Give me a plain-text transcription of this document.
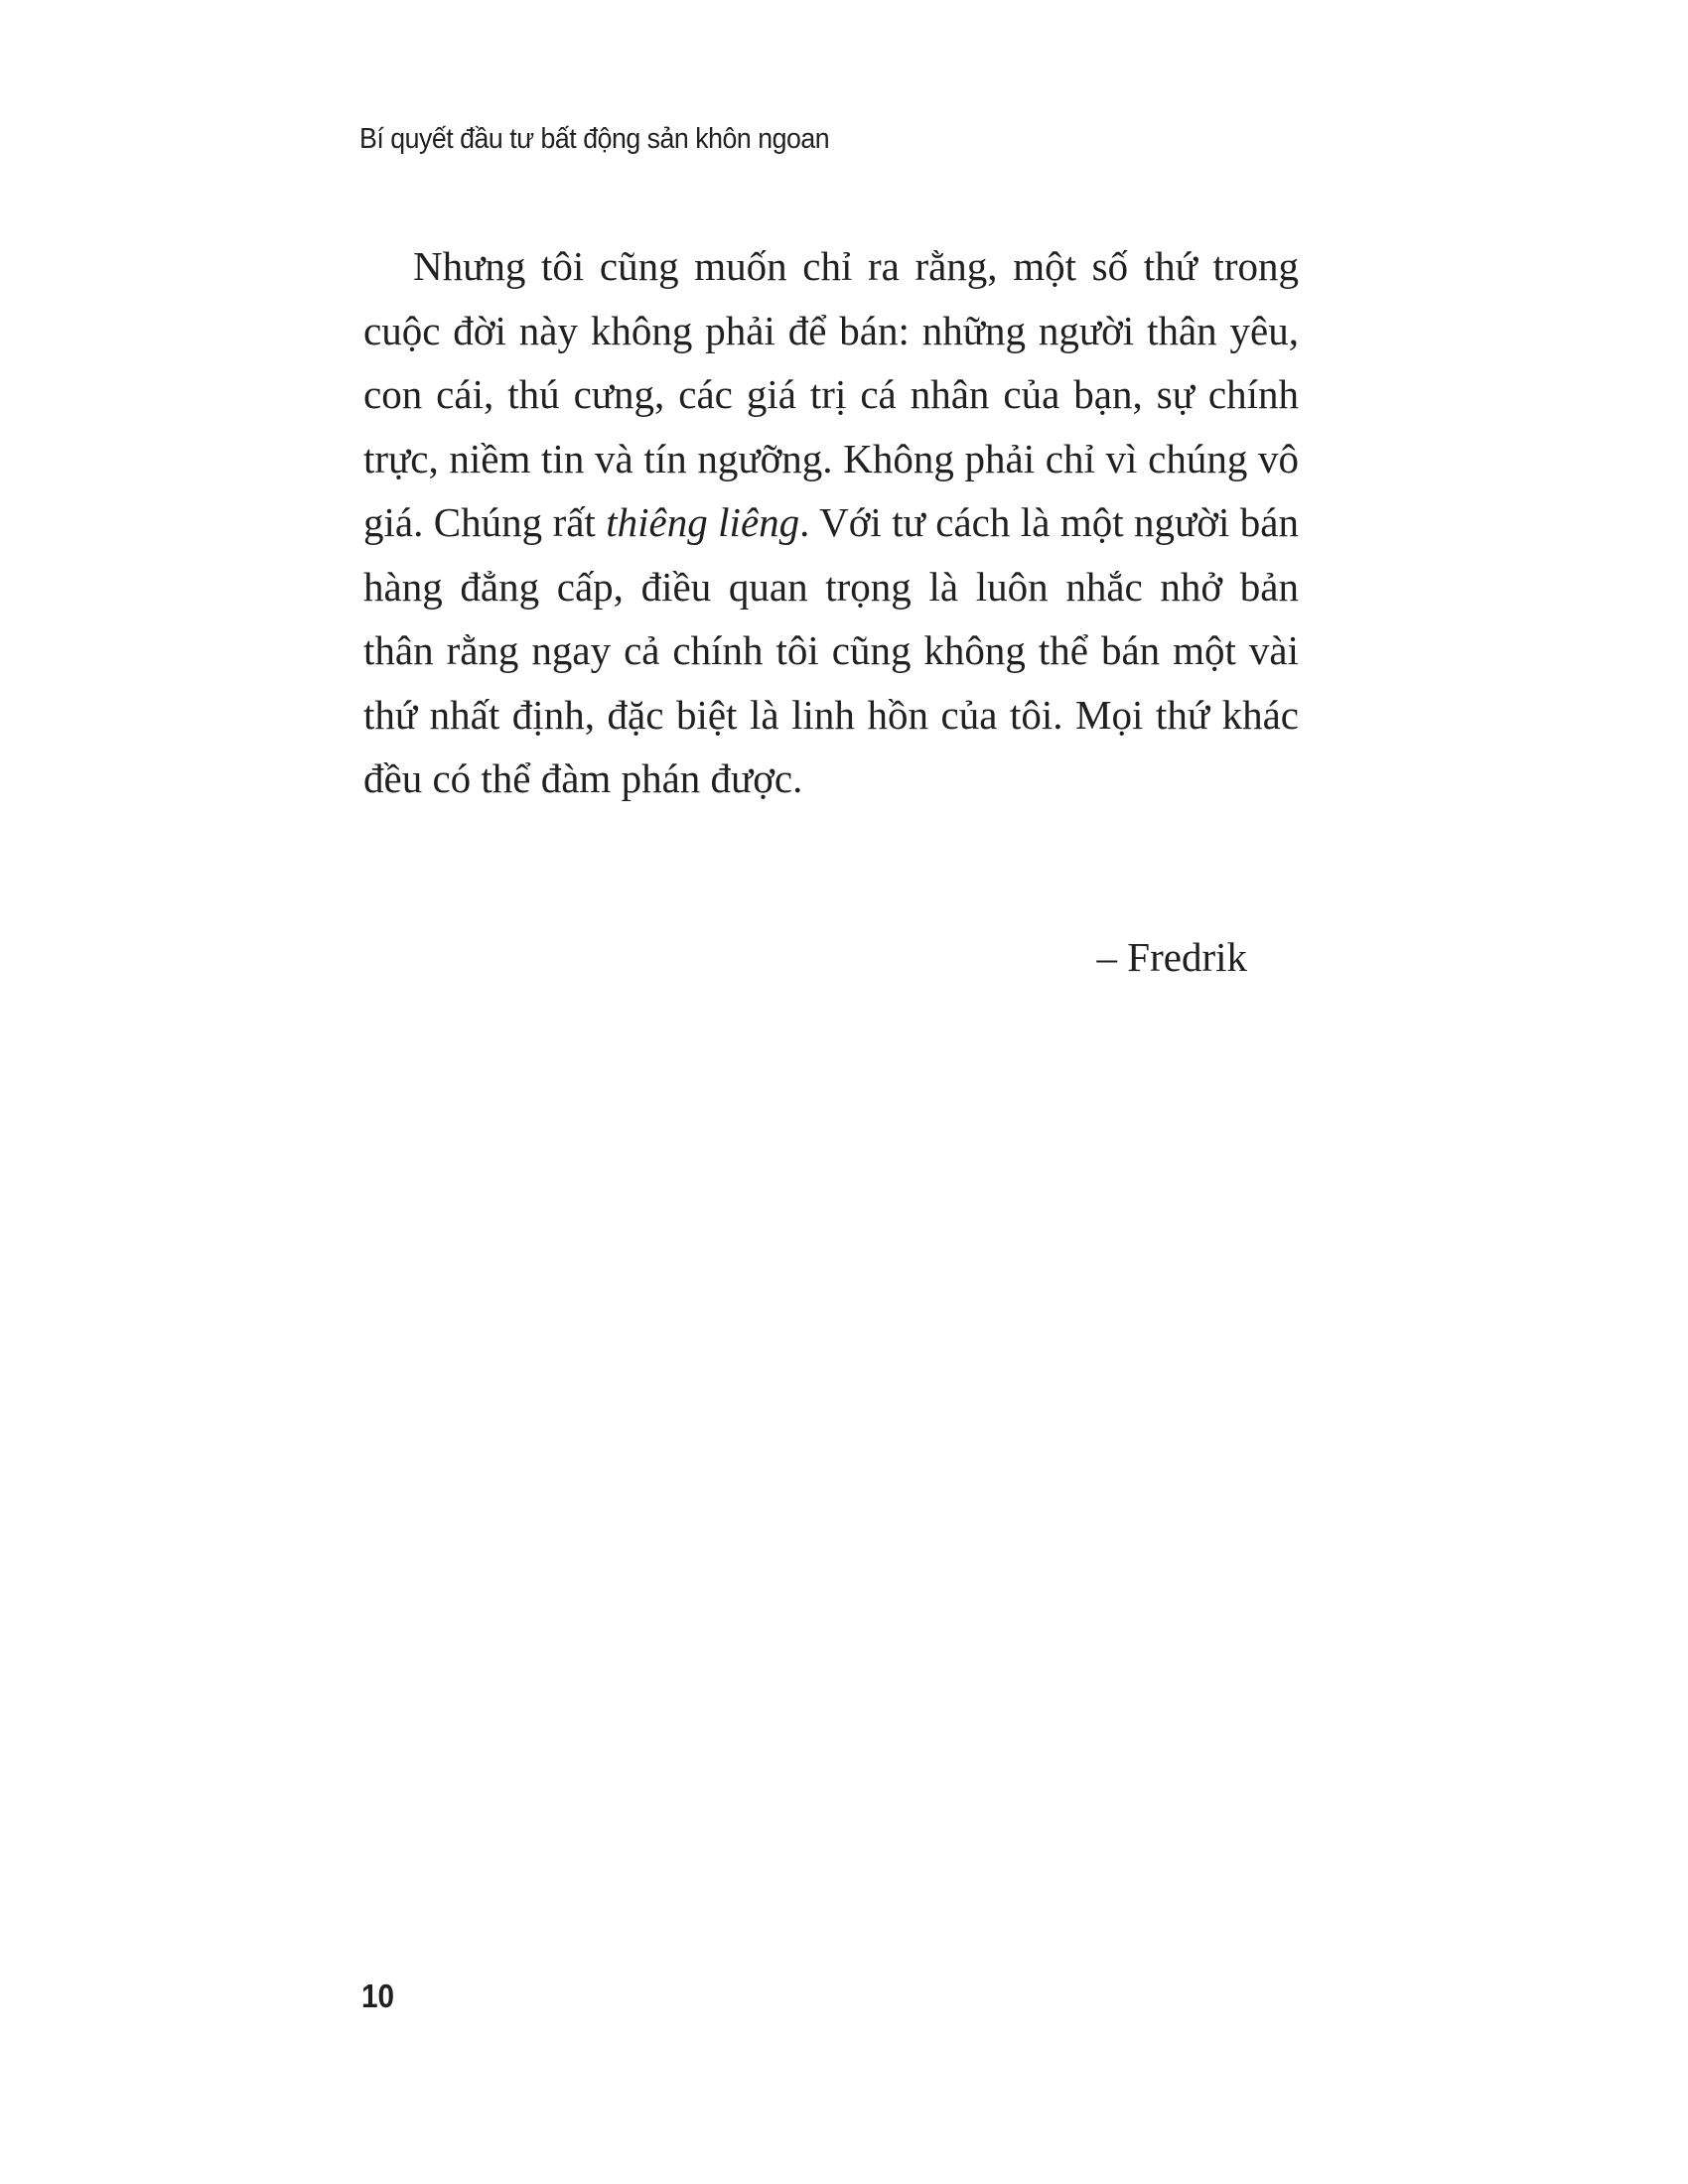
Bí quyết đầu tư bất động sản khôn ngoan

Nhưng tôi cũng muốn chỉ ra rằng, một số thứ trong cuộc đời này không phải để bán: những người thân yêu, con cái, thú cưng, các giá trị cá nhân của bạn, sự chính trực, niềm tin và tín ngưỡng. Không phải chỉ vì chúng vô giá. Chúng rất thiêng liêng. Với tư cách là một người bán hàng đẳng cấp, điều quan trọng là luôn nhắc nhở bản thân rằng ngay cả chính tôi cũng không thể bán một vài thứ nhất định, đặc biệt là linh hồn của tôi. Mọi thứ khác đều có thể đàm phán được.

– Fredrik
10
